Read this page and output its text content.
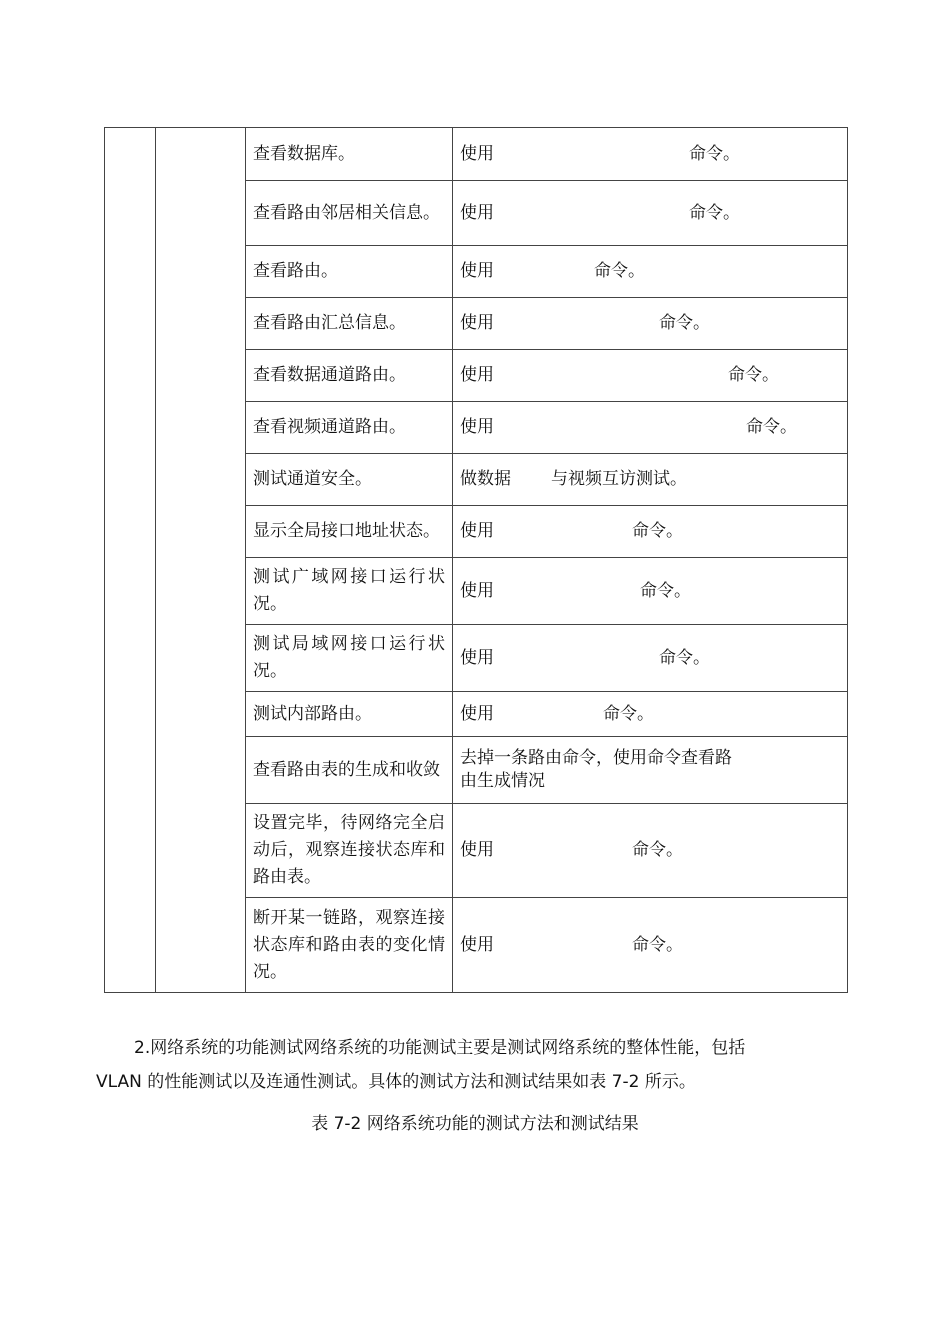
		查看数据库。	使用 命令。
		查看路由邻居相关信息。	使用 命令。
		查看路由。	使用 命令。
		查看路由汇总信息。	使用 命令。
		查看数据通道路由。	使用 命令。
		查看视频通道路由。	使用 命令。
		测试通道安全。	做数据 与视频互访测试。
		显示全局接口地址状态。	使用 命令。
		测试广域网接口运行状况。	使用 命令。
		测试局域网接口运行状况。	使用 命令。
		测试内部路由。	使用 命令。
		查看路由表的生成和收敛	去掉一条路由命令，使用命令查看路由生成情况
		设置完毕，待网络完全启动后，观察连接状态库和路由表。	使用 命令。
		断开某一链路，观察连接状态库和路由表的变化情况。	使用 命令。
2.网络系统的功能测试网络系统的功能测试主要是测试网络系统的整体性能，包括
VLAN 的性能测试以及连通性测试。具体的测试方法和测试结果如表 7-2 所示。
表 7-2 网络系统功能的测试方法和测试结果
